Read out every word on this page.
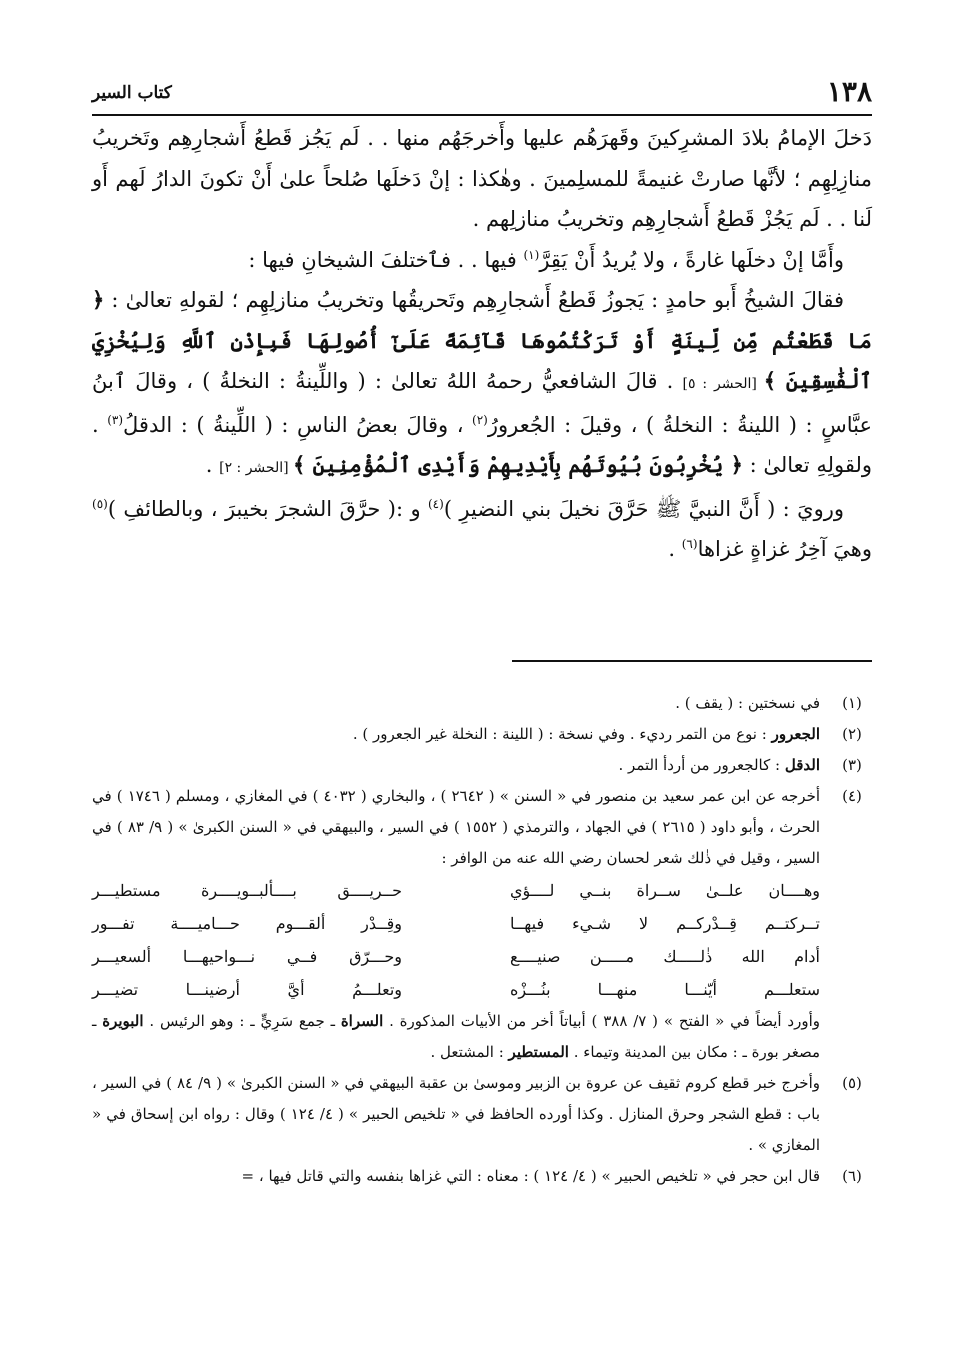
١٣٨
كتاب السير

دَخلَ الإمامُ بلادَ المشرِكينَ وقَهرَهُم عليها وأَخرجَهُم منها . . لَم يَجُز قَطعُ أَشجارِهِم وتَخريبُ منازِلِهِم ؛ لأنَّها صارتْ غنيمةً للمسلِمينَ . وهٰكذا : إنْ دَخلَها صُلحاً علىٰ أَنْ تكونَ الدارُ لَهم أَو لَنا . . لَم يَجُزْ قَطعُ أَشجارِهِم وتخريبُ منازلِهم .

وأَمَّا إنْ دخلَها غارةً ، ولا يُريدُ أَنْ يَقِرَّ$^{(١)}$ فيها . . فٱختلفَ الشيخانِ فيها :

فقالَ الشيخُ أَبو حامدٍ : يَجوزُ قَطعُ أَشجارِهِم وتَحريقُها وتخريبُ منازلِهِم ؛ لقولهِ تعالىٰ : ﴿ مَا قَطَعْتُم مِّن لِّينَةٍ أَوْ تَرَكْتُمُوهَا قَآئِمَةً عَلَىٰٓ أُصُولِهَا فَبِإِذْنِ ٱللَّهِ وَلِيُخْزِيَ ٱلْفَٰسِقِينَ ﴾ [الحشر : ٥] . قالَ الشافعيُّ رحمهُ اللهُ تعالىٰ : ( واللِّينةُ : النخلةُ ) ، وقالَ ٱبنُ عبَّاسٍ : ( اللينةُ : النخلةُ ) ، وقيلَ : الجُعرورُ$^{(٢)}$ ، وقالَ بعضُ الناسِ : ( اللِّينةُ ) : الدقلُ$^{(٣)}$ . ولقولِهِ تعالىٰ : ﴿ يُخْرِبُونَ بُيُوتَهُم بِأَيْدِيهِمْ وَأَيْدِى ٱلْمُؤْمِنِينَ ﴾ [الحشر : ٢] .

ورويَ : ( أَنَّ النبيَّ ﷺ حَرَّقَ نخيلَ بني النضيرِ )$^{(٤)}$ و :( حرَّقَ الشجرَ بخيبرَ ، وبالطائفِ )$^{(٥)}$ وهيَ آخِرُ غزاةٍ غزاها$^{(٦)}$ .

(١)
في نسختين : ( يقف ) .
(٢)
الجعرور : نوع من التمر رديء . وفي نسخة : ( اللينة : النخلة غير الجعرور ) .
(٣)
الدقل : كالجعرور من أردأ التمر .
(٤)
أخرجه عن ابن عمر سعيد بن منصور في « السنن » ( ٢٦٤٢ ) ، والبخاري ( ٤٠٣٢ ) في المغازي ، ومسلم ( ١٧٤٦ ) في الحرث ، وأبو داود ( ٢٦١٥ ) في الجهاد ، والترمذي ( ١٥٥٢ ) في السير ، والبيهقي في « السنن الكبرىٰ » ( ٩/ ٨٣ ) في السير ، وقيل في ذٰلك شعر لحسان رضي الله عنه من الوافر :
وهــــان علــىٰ ســراة بنــي لــــؤي
حــريــــق بــــألبــويــــرة مستطيـــر
تــركتــم قِــدْركــم لا شـيء فيهــا
وقِــدْر ألقـــوم حـــاميــــة تفـــور
أدام الله ذٰلـــــك مـــــن صنيــــع
وحـــرّق فــي نـــواحيهـــا ألسعيـــر
ستعلـــم أيّنـــا منهـــا بنُـــزْه
وتعلـــمُ أيَّ أرضينـــا تضيـــر
وأورد أيضاً في « الفتح » ( ٧/ ٣٨٨ ) أبياتاً أخر من الأبيات المذكورة . السراة ـ جمع سَرِيٍّ ـ : وهو الرئيس . البويرة ـ مصغر بورة ـ : مكان بين المدينة وتيماء . المستطير : المشتعل .
(٥)
وأخرج خبر قطع كروم ثقيف عن عروة بن الزبير وموسىٰ بن عقبة البيهقي في « السنن الكبرىٰ » ( ٩/ ٨٤ ) في السير ، باب : قطع الشجر وحرق المنازل . وكذا أورده الحافظ في « تلخيص الحبير » ( ٤/ ١٢٤ ) وقال : رواه ابن إسحاق في « المغازي » .
(٦)
قال ابن حجر في « تلخيص الحبير » ( ٤/ ١٢٤ ) : معناه : التي غزاها بنفسه والتي قاتل فيها ، =
